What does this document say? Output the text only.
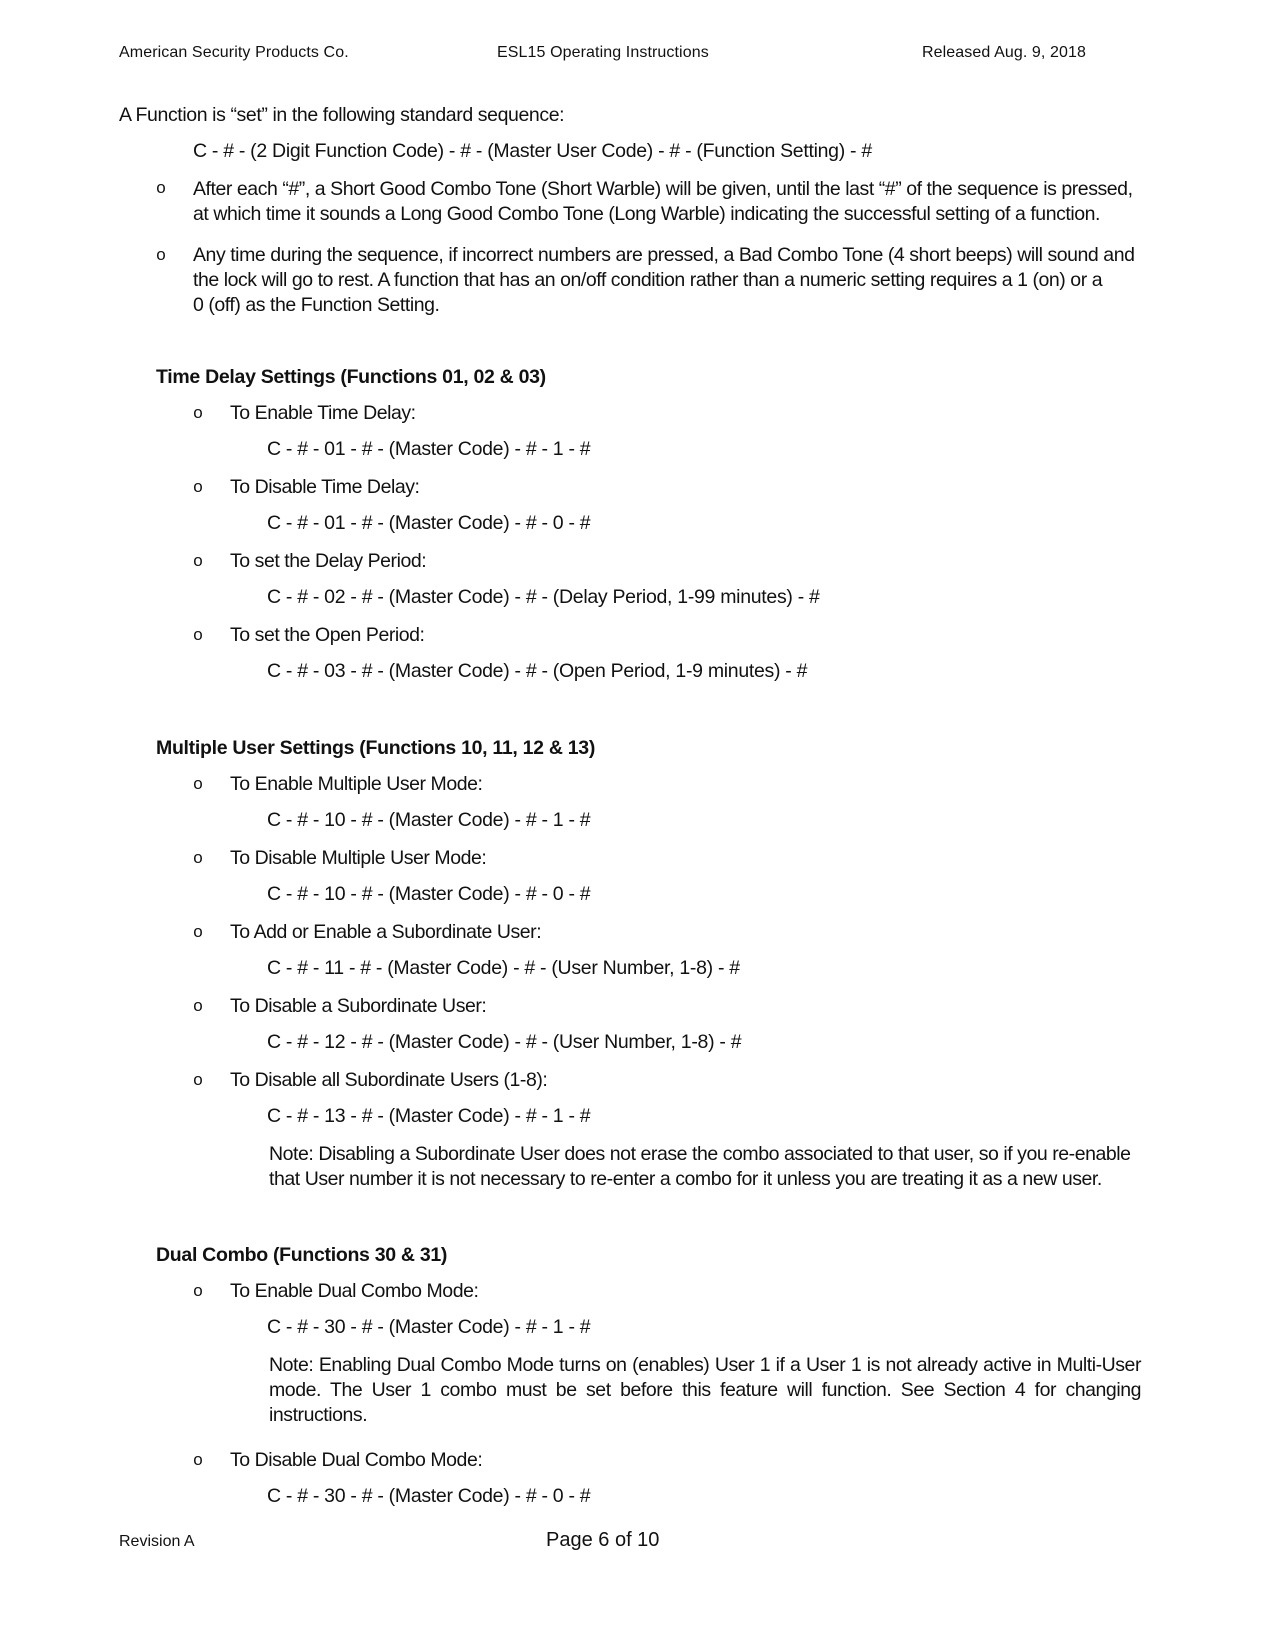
American Security Products Co.	ESL15 Operating Instructions	Released Aug. 9, 2018
A Function is “set” in the following standard sequence:
C - # - (2 Digit Function Code) - # - (Master User Code) - # - (Function Setting) - #
o After each “#”, a Short Good Combo Tone (Short Warble) will be given, until the last “#” of the sequence is pressed,
at which time it sounds a Long Good Combo Tone (Long Warble) indicating the successful setting of a function.
o Any time during the sequence, if incorrect numbers are pressed, a Bad Combo Tone (4 short beeps) will sound and
the lock will go to rest. A function that has an on/off condition rather than a numeric setting requires a 1 (on) or a
0 (off) as the Function Setting.
Time Delay Settings (Functions 01, 02 & 03)
o To Enable Time Delay:
C - # - 01 - # - (Master Code) - # - 1 - #
o To Disable Time Delay:
C - # - 01 - # - (Master Code) - # - 0 - #
o To set the Delay Period:
C - # - 02 - # - (Master Code) - # - (Delay Period, 1-99 minutes) - #
o To set the Open Period:
C - # - 03 - # - (Master Code) - # - (Open Period, 1-9 minutes) - #
Multiple User Settings (Functions 10, 11, 12 & 13)
o To Enable Multiple User Mode:
C - # - 10 - # - (Master Code) - # - 1 - #
o To Disable Multiple User Mode:
C - # - 10 - # - (Master Code) - # - 0 - #
o To Add or Enable a Subordinate User:
C - # - 11 - # - (Master Code) - # - (User Number, 1-8) - #
o To Disable a Subordinate User:
C - # - 12 - # - (Master Code) - # - (User Number, 1-8) - #
o To Disable all Subordinate Users (1-8):
C - # - 13 - # - (Master Code) - # - 1 - #
Note: Disabling a Subordinate User does not erase the combo associated to that user, so if you re-enable
that User number it is not necessary to re-enter a combo for it unless you are treating it as a new user.
Dual Combo (Functions 30 & 31)
o To Enable Dual Combo Mode:
C - # - 30 - # - (Master Code) - # - 1 - #
Note: Enabling Dual Combo Mode turns on (enables) User 1 if a User 1 is not already active in Multi-User
mode. The User 1 combo must be set before this feature will function. See Section 4 for changing
instructions.
o To Disable Dual Combo Mode:
C - # - 30 - # - (Master Code) - # - 0 - #
Revision A	Page 6 of 10
